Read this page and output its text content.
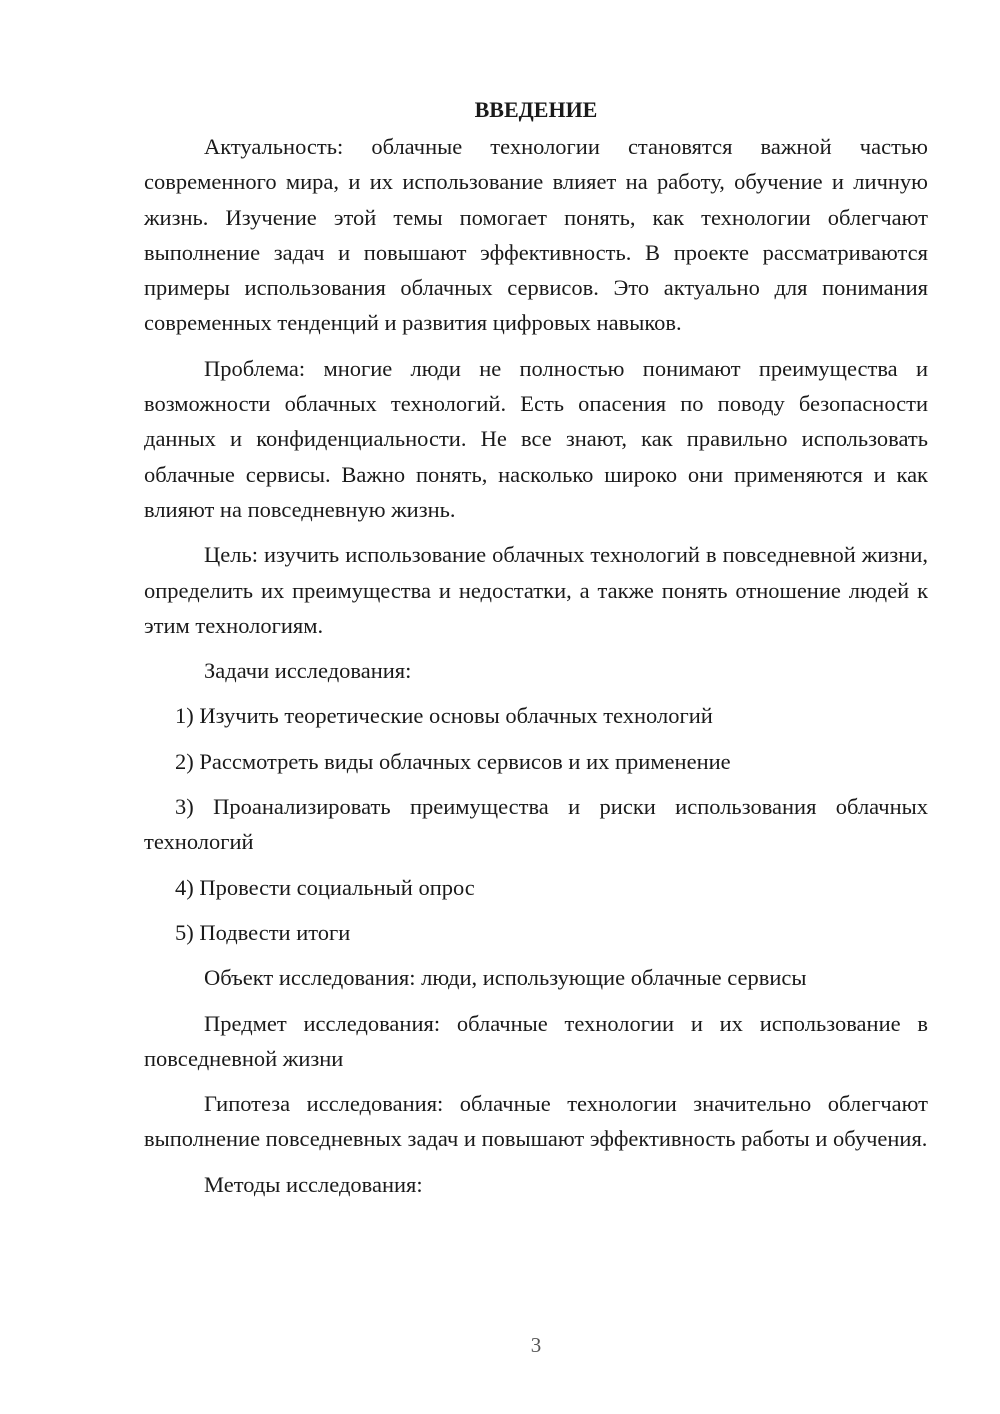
ВВЕДЕНИЕ

Актуальность: облачные технологии становятся важной частью современного мира, и их использование влияет на работу, обучение и личную жизнь. Изучение этой темы помогает понять, как технологии облегчают выполнение задач и повышают эффективность. В проекте рассматриваются примеры использования облачных сервисов. Это актуально для понимания современных тенденций и развития цифровых навыков.

Проблема: многие люди не полностью понимают преимущества и возможности облачных технологий. Есть опасения по поводу безопасности данных и конфиденциальности. Не все знают, как правильно использовать облачные сервисы. Важно понять, насколько широко они применяются и как влияют на повседневную жизнь.

Цель: изучить использование облачных технологий в повседневной жизни, определить их преимущества и недостатки, а также понять отношение людей к этим технологиям.

Задачи исследования:

1) Изучить теоретические основы облачных технологий

2) Рассмотреть виды облачных сервисов и их применение

3) Проанализировать преимущества и риски использования облачных технологий

4) Провести социальный опрос

5) Подвести итоги

Объект исследования: люди, использующие облачные сервисы

Предмет исследования: облачные технологии и их использование в повседневной жизни

Гипотеза исследования: облачные технологии значительно облегчают выполнение повседневных задач и повышают эффективность работы и обучения.

Методы исследования:

3
